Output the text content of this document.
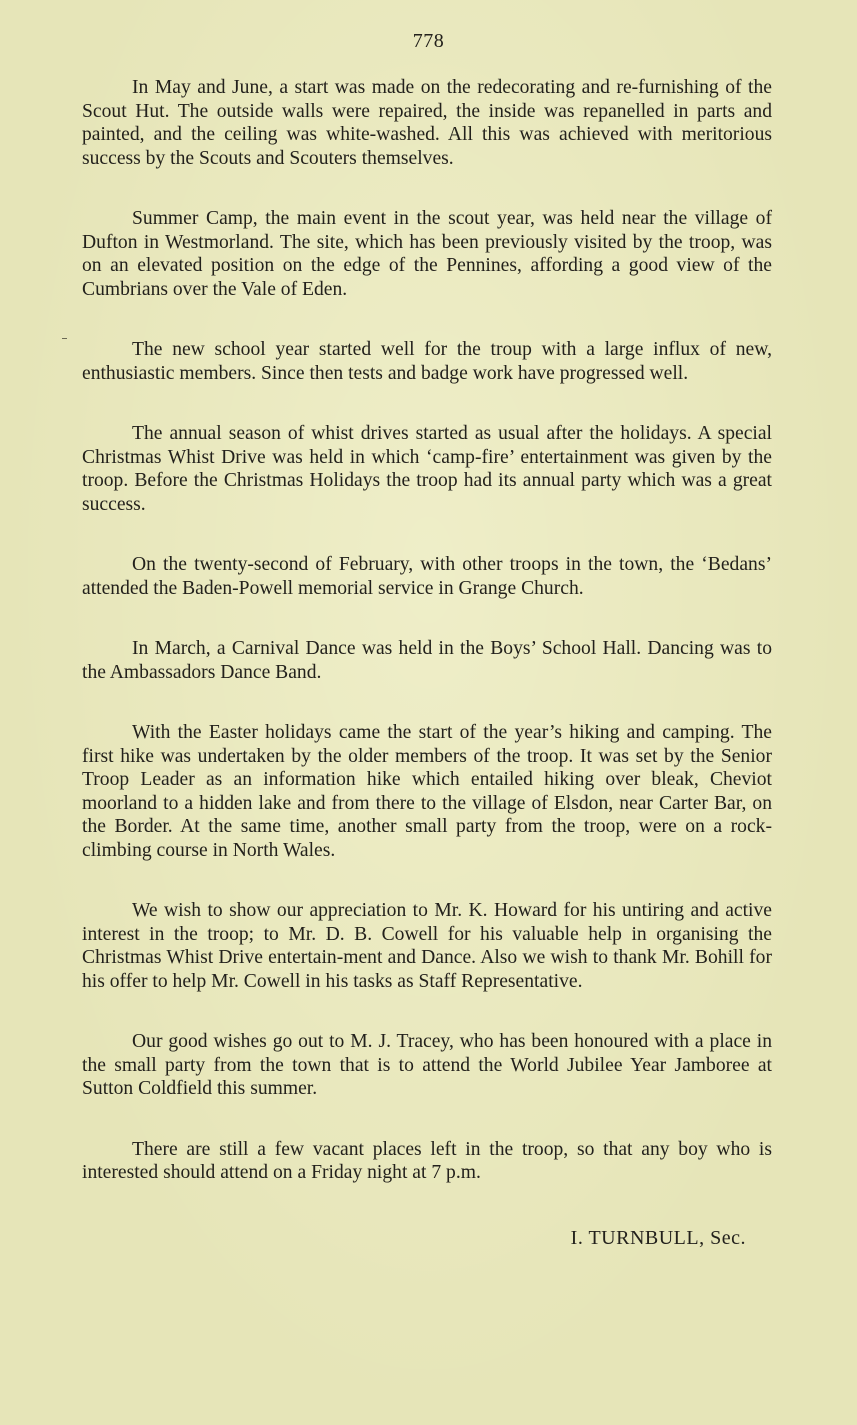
778

In May and June, a start was made on the redecorating and re-furnishing of the Scout Hut. The outside walls were repaired, the inside was repanelled in parts and painted, and the ceiling was white-washed. All this was achieved with meritorious success by the Scouts and Scouters themselves.

Summer Camp, the main event in the scout year, was held near the village of Dufton in Westmorland. The site, which has been previously visited by the troop, was on an elevated position on the edge of the Pennines, affording a good view of the Cumbrians over the Vale of Eden.

The new school year started well for the troup with a large influx of new, enthusiastic members. Since then tests and badge work have progressed well.

The annual season of whist drives started as usual after the holidays. A special Christmas Whist Drive was held in which ‘camp-fire’ entertainment was given by the troop. Before the Christmas Holidays the troop had its annual party which was a great success.

On the twenty-second of February, with other troops in the town, the ‘Bedans’ attended the Baden-Powell memorial service in Grange Church.

In March, a Carnival Dance was held in the Boys’ School Hall. Dancing was to the Ambassadors Dance Band.

With the Easter holidays came the start of the year’s hiking and camping. The first hike was undertaken by the older members of the troop. It was set by the Senior Troop Leader as an information hike which entailed hiking over bleak, Cheviot moorland to a hidden lake and from there to the village of Elsdon, near Carter Bar, on the Border. At the same time, another small party from the troop, were on a rock-climbing course in North Wales.

We wish to show our appreciation to Mr. K. Howard for his untiring and active interest in the troop; to Mr. D. B. Cowell for his valuable help in organising the Christmas Whist Drive entertain-ment and Dance. Also we wish to thank Mr. Bohill for his offer to help Mr. Cowell in his tasks as Staff Representative.

Our good wishes go out to M. J. Tracey, who has been honoured with a place in the small party from the town that is to attend the World Jubilee Year Jamboree at Sutton Coldfield this summer.

There are still a few vacant places left in the troop, so that any boy who is interested should attend on a Friday night at 7 p.m.

I. TURNBULL, Sec.
